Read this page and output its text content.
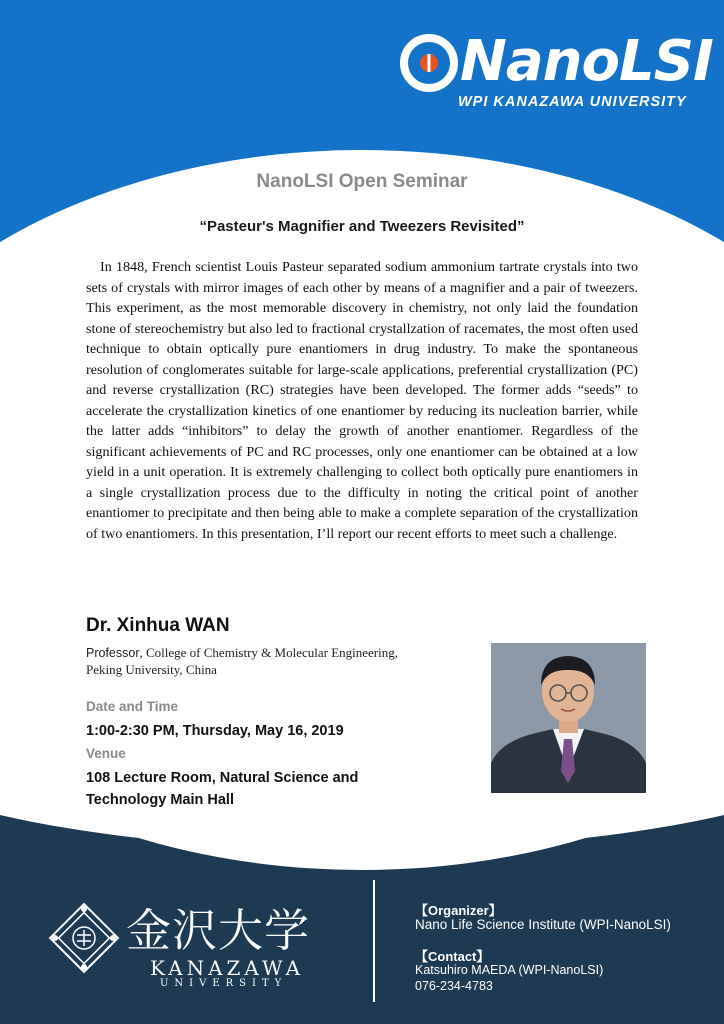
NanoLSI
WPI KANAZAWA UNIVERSITY
NanoLSI Open Seminar
“Pasteur's Magnifier and Tweezers Revisited”

In 1848, French scientist Louis Pasteur separated sodium ammonium tartrate crystals into two sets of crystals with mirror images of each other by means of a magnifier and a pair of tweezers. This experiment, as the most memorable discovery in chemistry, not only laid the foundation stone of stereochemistry but also led to fractional crystallzation of racemates, the most often used technique to obtain optically pure enantiomers in drug industry. To make the spontaneous resolution of conglomerates suitable for large-scale applications, preferential crystallization (PC) and reverse crystallization (RC) strategies have been developed. The former adds “seeds” to accelerate the crystallization kinetics of one enantiomer by reducing its nucleation barrier, while the latter adds “inhibitors” to delay the growth of another enantiomer. Regardless of the significant achievements of PC and RC processes, only one enantiomer can be obtained at a low yield in a unit operation. It is extremely challenging to collect both optically pure enantiomers in a single crystallization process due to the difficulty in noting the critical point of another enantiomer to precipitate and then being able to make a complete separation of the crystallization of two enantiomers. In this presentation, I’ll report our recent efforts to meet such a challenge.

Dr. Xinhua WAN
Professor, College of Chemistry & Molecular Engineering,
Peking University, China
Date and Time
1:00-2:30 PM, Thursday, May 16, 2019
Venue
108 Lecture Room, Natural Science and
Technology Main Hall
金沢大学
KANAZAWA
UNIVERSITY
【Organizer】
Nano Life Science Institute (WPI-NanoLSI)
【Contact】
Katsuhiro MAEDA (WPI-NanoLSI)
076-234-4783
